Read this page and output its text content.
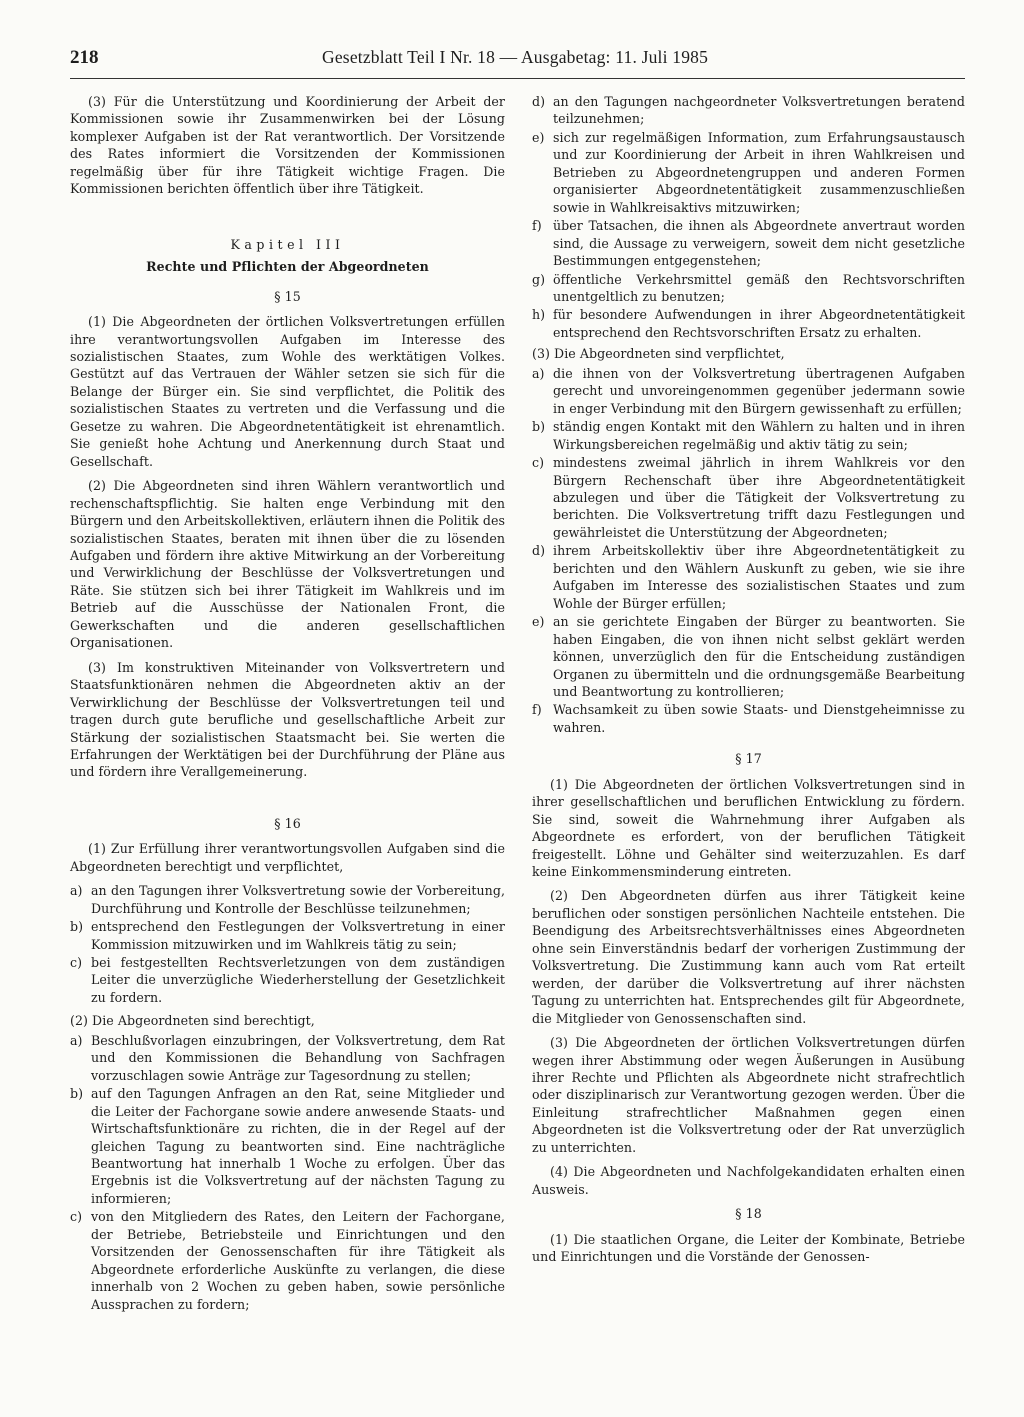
218	Gesetzblatt Teil I Nr. 18 — Ausgabetag: 11. Juli 1985

(3) Für die Unterstützung und Koordinierung der Arbeit der Kommissionen sowie ihr Zusammenwirken bei der Lösung komplexer Aufgaben ist der Rat verantwortlich. Der Vorsitzende des Rates informiert die Vorsitzenden der Kommissionen regelmäßig über für ihre Tätigkeit wichtige Fragen. Die Kommissionen berichten öffentlich über ihre Tätigkeit.

Kapitel III
Rechte und Pflichten der Abgeordneten
§ 15

(1) Die Abgeordneten der örtlichen Volksvertretungen erfüllen ihre verantwortungsvollen Aufgaben im Interesse des sozialistischen Staates, zum Wohle des werktätigen Volkes. Gestützt auf das Vertrauen der Wähler setzen sie sich für die Belange der Bürger ein. Sie sind verpflichtet, die Politik des sozialistischen Staates zu vertreten und die Verfassung und die Gesetze zu wahren. Die Abgeordnetentätigkeit ist ehrenamtlich. Sie genießt hohe Achtung und Anerkennung durch Staat und Gesellschaft.

(2) Die Abgeordneten sind ihren Wählern verantwortlich und rechenschaftspflichtig. Sie halten enge Verbindung mit den Bürgern und den Arbeitskollektiven, erläutern ihnen die Politik des sozialistischen Staates, beraten mit ihnen über die zu lösenden Aufgaben und fördern ihre aktive Mitwirkung an der Vorbereitung und Verwirklichung der Beschlüsse der Volksvertretungen und Räte. Sie stützen sich bei ihrer Tätigkeit im Wahlkreis und im Betrieb auf die Ausschüsse der Nationalen Front, die Gewerkschaften und die anderen gesellschaftlichen Organisationen.

(3) Im konstruktiven Miteinander von Volksvertretern und Staatsfunktionären nehmen die Abgeordneten aktiv an der Verwirklichung der Beschlüsse der Volksvertretungen teil und tragen durch gute berufliche und gesellschaftliche Arbeit zur Stärkung der sozialistischen Staatsmacht bei. Sie werten die Erfahrungen der Werktätigen bei der Durchführung der Pläne aus und fördern ihre Verallgemeinerung.

§ 16

(1) Zur Erfüllung ihrer verantwortungsvollen Aufgaben sind die Abgeordneten berechtigt und verpflichtet,

a) an den Tagungen ihrer Volksvertretung sowie der Vorbereitung, Durchführung und Kontrolle der Beschlüsse teilzunehmen;
b) entsprechend den Festlegungen der Volksvertretung in einer Kommission mitzuwirken und im Wahlkreis tätig zu sein;
c) bei festgestellten Rechtsverletzungen von dem zuständigen Leiter die unverzügliche Wiederherstellung der Gesetzlichkeit zu fordern.
(2) Die Abgeordneten sind berechtigt,
a) Beschlußvorlagen einzubringen, der Volksvertretung, dem Rat und den Kommissionen die Behandlung von Sachfragen vorzuschlagen sowie Anträge zur Tagesordnung zu stellen;
b) auf den Tagungen Anfragen an den Rat, seine Mitglieder und die Leiter der Fachorgane sowie andere anwesende Staats- und Wirtschaftsfunktionäre zu richten, die in der Regel auf der gleichen Tagung zu beantworten sind. Eine nachträgliche Beantwortung hat innerhalb 1 Woche zu erfolgen. Über das Ergebnis ist die Volksvertretung auf der nächsten Tagung zu informieren;
c) von den Mitgliedern des Rates, den Leitern der Fachorgane, der Betriebe, Betriebsteile und Einrichtungen und den Vorsitzenden der Genossenschaften für ihre Tätigkeit als Abgeordnete erforderliche Auskünfte zu verlangen, die diese innerhalb von 2 Wochen zu geben haben, sowie persönliche Aussprachen zu fordern;
d) an den Tagungen nachgeordneter Volksvertretungen beratend teilzunehmen;
e) sich zur regelmäßigen Information, zum Erfahrungsaustausch und zur Koordinierung der Arbeit in ihren Wahlkreisen und Betrieben zu Abgeordnetengruppen und anderen Formen organisierter Abgeordnetentätigkeit zusammenzuschließen sowie in Wahlkreisaktivs mitzuwirken;
f) über Tatsachen, die ihnen als Abgeordnete anvertraut worden sind, die Aussage zu verweigern, soweit dem nicht gesetzliche Bestimmungen entgegenstehen;
g) öffentliche Verkehrsmittel gemäß den Rechtsvorschriften unentgeltlich zu benutzen;
h) für besondere Aufwendungen in ihrer Abgeordnetentätigkeit entsprechend den Rechtsvorschriften Ersatz zu erhalten.
(3) Die Abgeordneten sind verpflichtet,
a) die ihnen von der Volksvertretung übertragenen Aufgaben gerecht und unvoreingenommen gegenüber jedermann sowie in enger Verbindung mit den Bürgern gewissenhaft zu erfüllen;
b) ständig engen Kontakt mit den Wählern zu halten und in ihren Wirkungsbereichen regelmäßig und aktiv tätig zu sein;
c) mindestens zweimal jährlich in ihrem Wahlkreis vor den Bürgern Rechenschaft über ihre Abgeordnetentätigkeit abzulegen und über die Tätigkeit der Volksvertretung zu berichten. Die Volksvertretung trifft dazu Festlegungen und gewährleistet die Unterstützung der Abgeordneten;
d) ihrem Arbeitskollektiv über ihre Abgeordnetentätigkeit zu berichten und den Wählern Auskunft zu geben, wie sie ihre Aufgaben im Interesse des sozialistischen Staates und zum Wohle der Bürger erfüllen;
e) an sie gerichtete Eingaben der Bürger zu beantworten. Sie haben Eingaben, die von ihnen nicht selbst geklärt werden können, unverzüglich den für die Entscheidung zuständigen Organen zu übermitteln und die ordnungsgemäße Bearbeitung und Beantwortung zu kontrollieren;
f) Wachsamkeit zu üben sowie Staats- und Dienstgeheimnisse zu wahren.
§ 17

(1) Die Abgeordneten der örtlichen Volksvertretungen sind in ihrer gesellschaftlichen und beruflichen Entwicklung zu fördern. Sie sind, soweit die Wahrnehmung ihrer Aufgaben als Abgeordnete es erfordert, von der beruflichen Tätigkeit freigestellt. Löhne und Gehälter sind weiterzuzahlen. Es darf keine Einkommensminderung eintreten.

(2) Den Abgeordneten dürfen aus ihrer Tätigkeit keine beruflichen oder sonstigen persönlichen Nachteile entstehen. Die Beendigung des Arbeitsrechtsverhältnisses eines Abgeordneten ohne sein Einverständnis bedarf der vorherigen Zustimmung der Volksvertretung. Die Zustimmung kann auch vom Rat erteilt werden, der darüber die Volksvertretung auf ihrer nächsten Tagung zu unterrichten hat. Entsprechendes gilt für Abgeordnete, die Mitglieder von Genossenschaften sind.

(3) Die Abgeordneten der örtlichen Volksvertretungen dürfen wegen ihrer Abstimmung oder wegen Äußerungen in Ausübung ihrer Rechte und Pflichten als Abgeordnete nicht strafrechtlich oder disziplinarisch zur Verantwortung gezogen werden. Über die Einleitung strafrechtlicher Maßnahmen gegen einen Abgeordneten ist die Volksvertretung oder der Rat unverzüglich zu unterrichten.

(4) Die Abgeordneten und Nachfolgekandidaten erhalten einen Ausweis.

§ 18

(1) Die staatlichen Organe, die Leiter der Kombinate, Betriebe und Einrichtungen und die Vorstände der Genossen-
